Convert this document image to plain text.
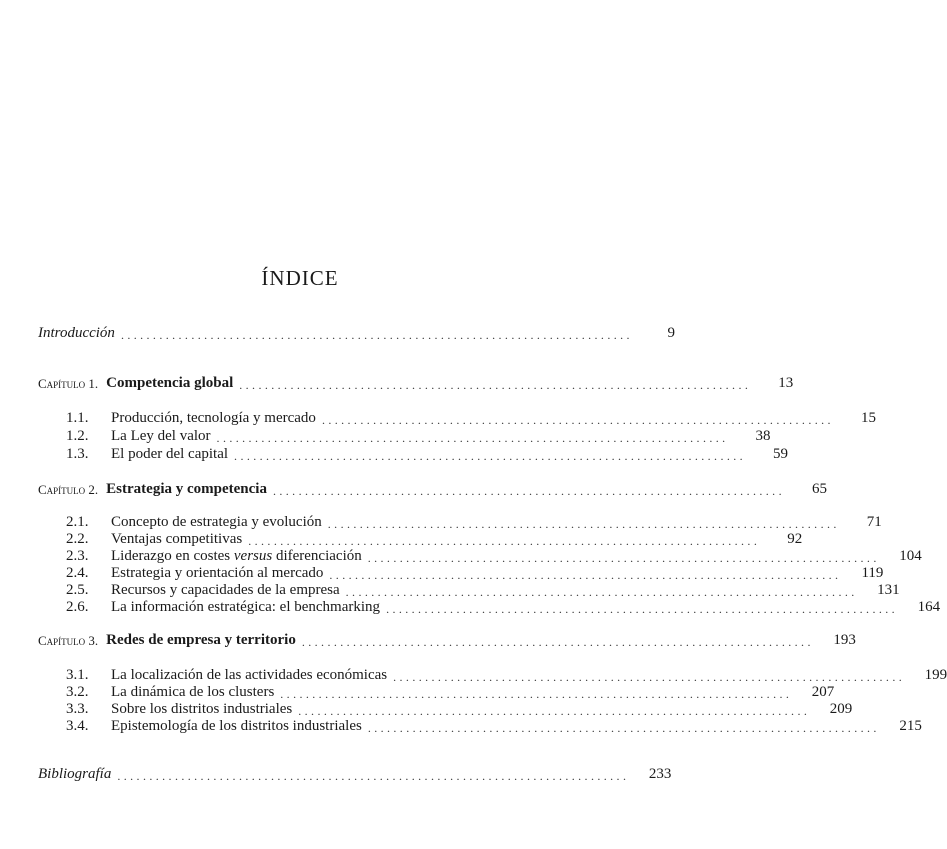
ÍNDICE
Introducción ................................................................................	9
Capítulo 1. Competencia global ................................................................................	13
1.1.	Producción, tecnología y mercado ................................................................................	15
1.2.	La Ley del valor ................................................................................	38
1.3.	El poder del capital ................................................................................	59
Capítulo 2. Estrategia y competencia ................................................................................	65
2.1.	Concepto de estrategia y evolución ................................................................................	71
2.2.	Ventajas competitivas ................................................................................	92
2.3.	Liderazgo en costes versus diferenciación ................................................................................	104
2.4.	Estrategia y orientación al mercado ................................................................................	119
2.5.	Recursos y capacidades de la empresa ................................................................................	131
2.6.	La información estratégica: el benchmarking ................................................................................	164
Capítulo 3. Redes de empresa y territorio ................................................................................	193
3.1.	La localización de las actividades económicas ................................................................................	199
3.2.	La dinámica de los clusters ................................................................................	207
3.3.	Sobre los distritos industriales ................................................................................	209
3.4.	Epistemología de los distritos industriales ................................................................................	215
Bibliografía ................................................................................	233
